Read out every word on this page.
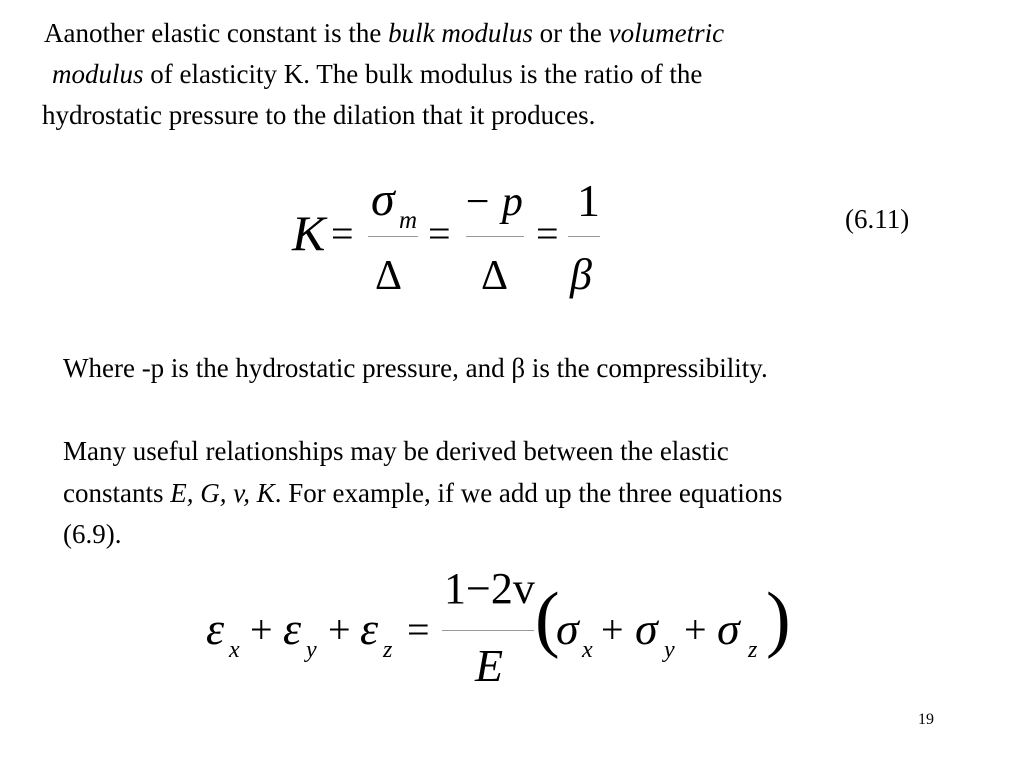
Aanother elastic constant is the bulk modulus or the volumetric

modulus of elasticity K. The bulk modulus is the ratio of the

hydrostatic pressure to the dilation that it produces.

K =
σ m
Δ
=
− p
Δ
=
1
β
(6.11)

Where -p is the hydrostatic pressure, and β is the compressibility.

Many useful relationships may be derived between the elastic

constants E, G, v, K. For example, if we add up the three equations

(6.9).

ε x + ε y + ε z =
1−2v
E
(
σ x + σ y + σ z )
19
